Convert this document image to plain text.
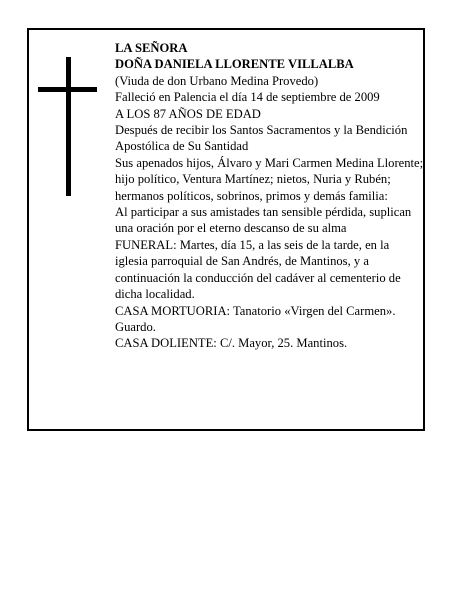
LA SEÑORA
DOÑA DANIELA LLORENTE VILLALBA
(Viuda de don Urbano Medina Provedo)
Falleció en Palencia el día 14 de septiembre de 2009
A LOS 87 AÑOS DE EDAD
Después de recibir los Santos Sacramentos y la Bendición Apostólica de Su Santidad
Sus apenados hijos, Álvaro y Mari Carmen Medina Llorente; hijo político, Ventura Martínez; nietos, Nuria y Rubén; hermanos políticos, sobrinos, primos y demás familia:
Al participar a sus amistades tan sensible pérdida, suplican una oración por el eterno descanso de su alma
FUNERAL: Martes, día 15, a las seis de la tarde, en la iglesia parroquial de San Andrés, de Mantinos, y a continuación la conducción del cadáver al cementerio de dicha localidad.
CASA MORTUORIA: Tanatorio «Virgen del Carmen». Guardo.
CASA DOLIENTE: C/. Mayor, 25. Mantinos.
